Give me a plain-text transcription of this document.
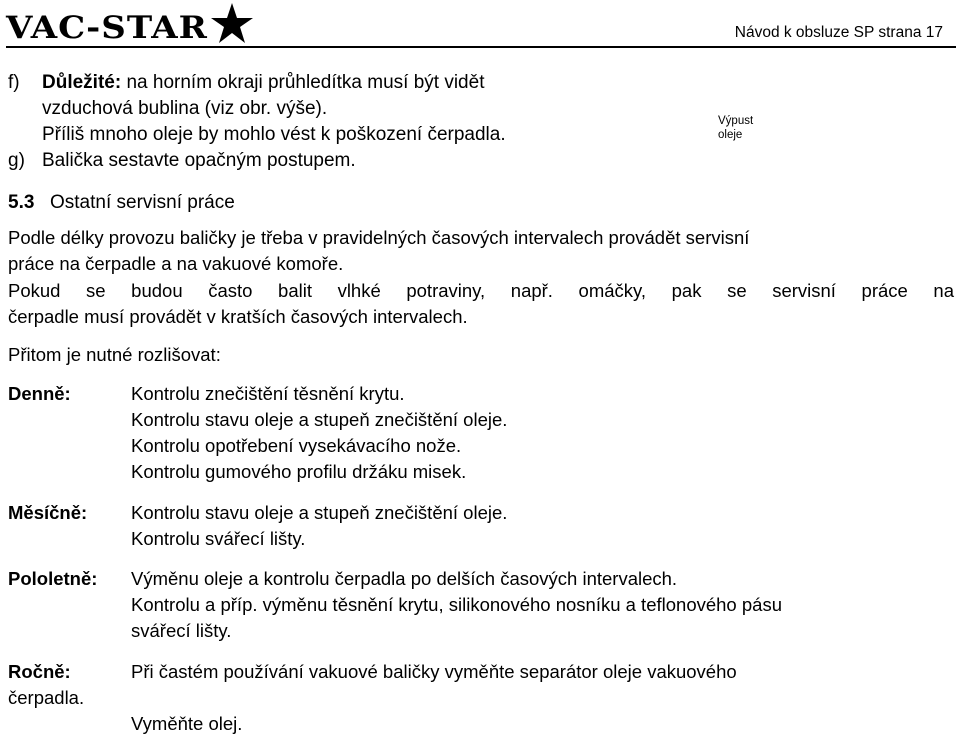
VAC-STAR	Návod k obsluze SP strana 17
Výpust
oleje
f) Důležité: na horním okraji průhledítka musí být vidět
vzduchová bublina (viz obr. výše).
Příliš mnoho oleje by mohlo vést k poškození čerpadla.
g) Balička sestavte opačným postupem.
5.3 Ostatní servisní práce
Podle délky provozu baličky je třeba v pravidelných časových intervalech provádět servisní
práce na čerpadle a na vakuové komoře.
Pokud se budou často balit vlhké potraviny, např. omáčky, pak se servisní práce na
čerpadle musí provádět v kratších časových intervalech.
Přitom je nutné rozlišovat:
Denně:	Kontrolu znečištění těsnění krytu.
Kontrolu stavu oleje a stupeň znečištění oleje.
Kontrolu opotřebení vysekávacího nože.
Kontrolu gumového profilu držáku misek.
Měsíčně: Kontrolu stavu oleje a stupeň znečištění oleje.
Kontrolu svářecí lišty.
Pololetně: Výměnu oleje a kontrolu čerpadla po delších časových intervalech.
Kontrolu a příp. výměnu těsnění krytu, silikonového nosníku a teflonového pásu
svářecí lišty.
Ročně:	Při častém používání vakuové baličky vyměňte separátor oleje vakuového
čerpadla.
Vyměňte olej.
